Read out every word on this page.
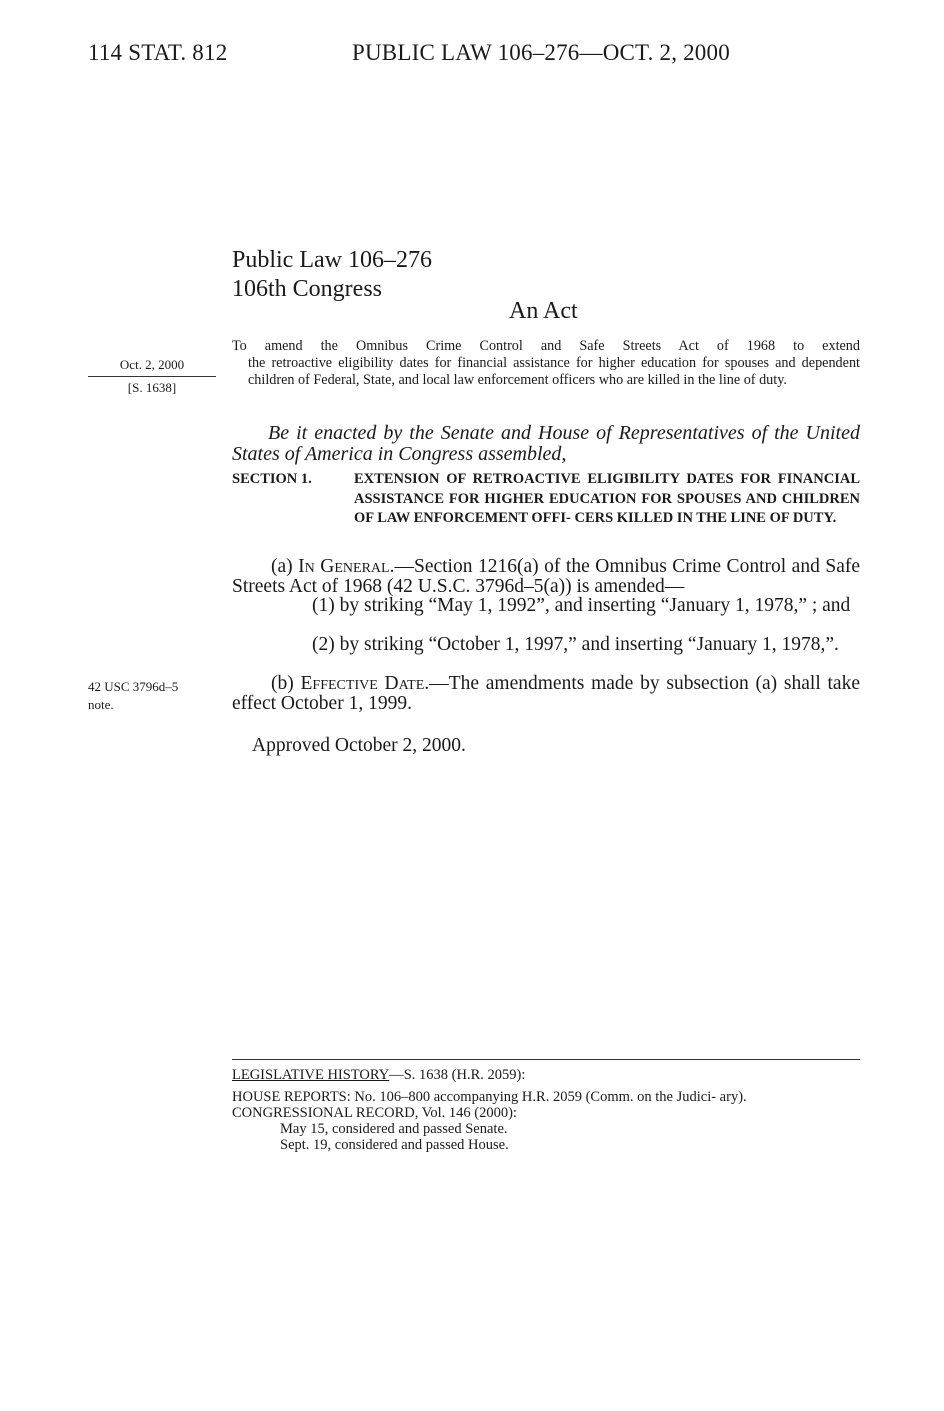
114 STAT. 812	PUBLIC LAW 106–276—OCT. 2, 2000
Public Law 106–276
106th Congress
An Act
Oct. 2, 2000
[S. 1638]
42 USC 3796d–5
note.
To amend the Omnibus Crime Control and Safe Streets Act of 1968 to extend
the retroactive eligibility dates for financial assistance for higher education for spouses and dependent children of Federal, State, and local law enforcement officers who are killed in the line of duty.
Be it enacted by the Senate and House of Representatives of the United States of America in Congress assembled,
SECTION 1.	EXTENSION OF RETROACTIVE ELIGIBILITY DATES FOR FINANCIAL ASSISTANCE FOR HIGHER EDUCATION FOR SPOUSES AND CHILDREN OF LAW ENFORCEMENT OFFI- CERS KILLED IN THE LINE OF DUTY.
(a) In General.—Section 1216(a) of the Omnibus Crime Control and Safe Streets Act of 1968 (42 U.S.C. 3796d–5(a)) is amended—
(1) by striking “May 1, 1992”, and inserting “January 1, 1978,” ; and
(2) by striking “October 1, 1997,” and inserting “January 1, 1978,”.
(b) Effective Date.—The amendments made by subsection (a) shall take effect October 1, 1999.
Approved October 2, 2000.
LEGISLATIVE HISTORY—S. 1638 (H.R. 2059):
HOUSE REPORTS: No. 106–800 accompanying H.R. 2059 (Comm. on the Judici- ary).
CONGRESSIONAL RECORD, Vol. 146 (2000):
May 15, considered and passed Senate.
Sept. 19, considered and passed House.
